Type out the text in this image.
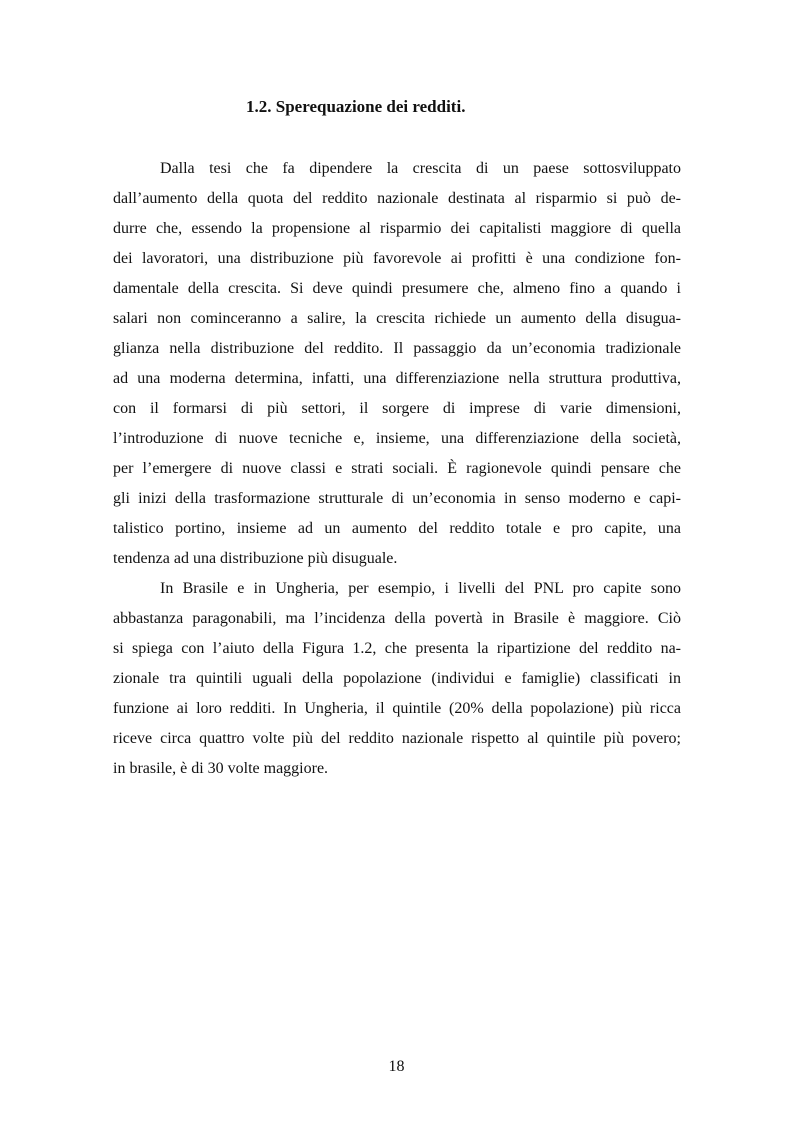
1.2. Sperequazione dei redditi.
Dalla tesi che fa dipendere la crescita di un paese sottosviluppato
dall’aumento della quota del reddito nazionale destinata al risparmio si può de-
durre che, essendo la propensione al risparmio dei capitalisti maggiore di quella
dei lavoratori, una distribuzione più favorevole ai profitti è una condizione fon-
damentale della crescita. Si deve quindi presumere che, almeno fino a quando i
salari non cominceranno a salire, la crescita richiede un aumento della disugua-
glianza nella distribuzione del reddito. Il passaggio da un’economia tradizionale
ad una moderna determina, infatti, una differenziazione nella struttura produttiva,
con il formarsi di più settori, il sorgere di imprese di varie dimensioni,
l’introduzione di nuove tecniche e, insieme, una differenziazione della società,
per l’emergere di nuove classi e strati sociali. È ragionevole quindi pensare che
gli inizi della trasformazione strutturale di un’economia in senso moderno e capi-
talistico portino, insieme ad un aumento del reddito totale e pro capite, una
tendenza ad una distribuzione più disuguale.
In Brasile e in Ungheria, per esempio, i livelli del PNL pro capite sono
abbastanza paragonabili, ma l’incidenza della povertà in Brasile è maggiore. Ciò
si spiega con l’aiuto della Figura 1.2, che presenta la ripartizione del reddito na-
zionale tra quintili uguali della popolazione (individui e famiglie) classificati in
funzione ai loro redditi. In Ungheria, il quintile (20% della popolazione) più ricca
riceve circa quattro volte più del reddito nazionale rispetto al quintile più povero;
in brasile, è di 30 volte maggiore.
18
